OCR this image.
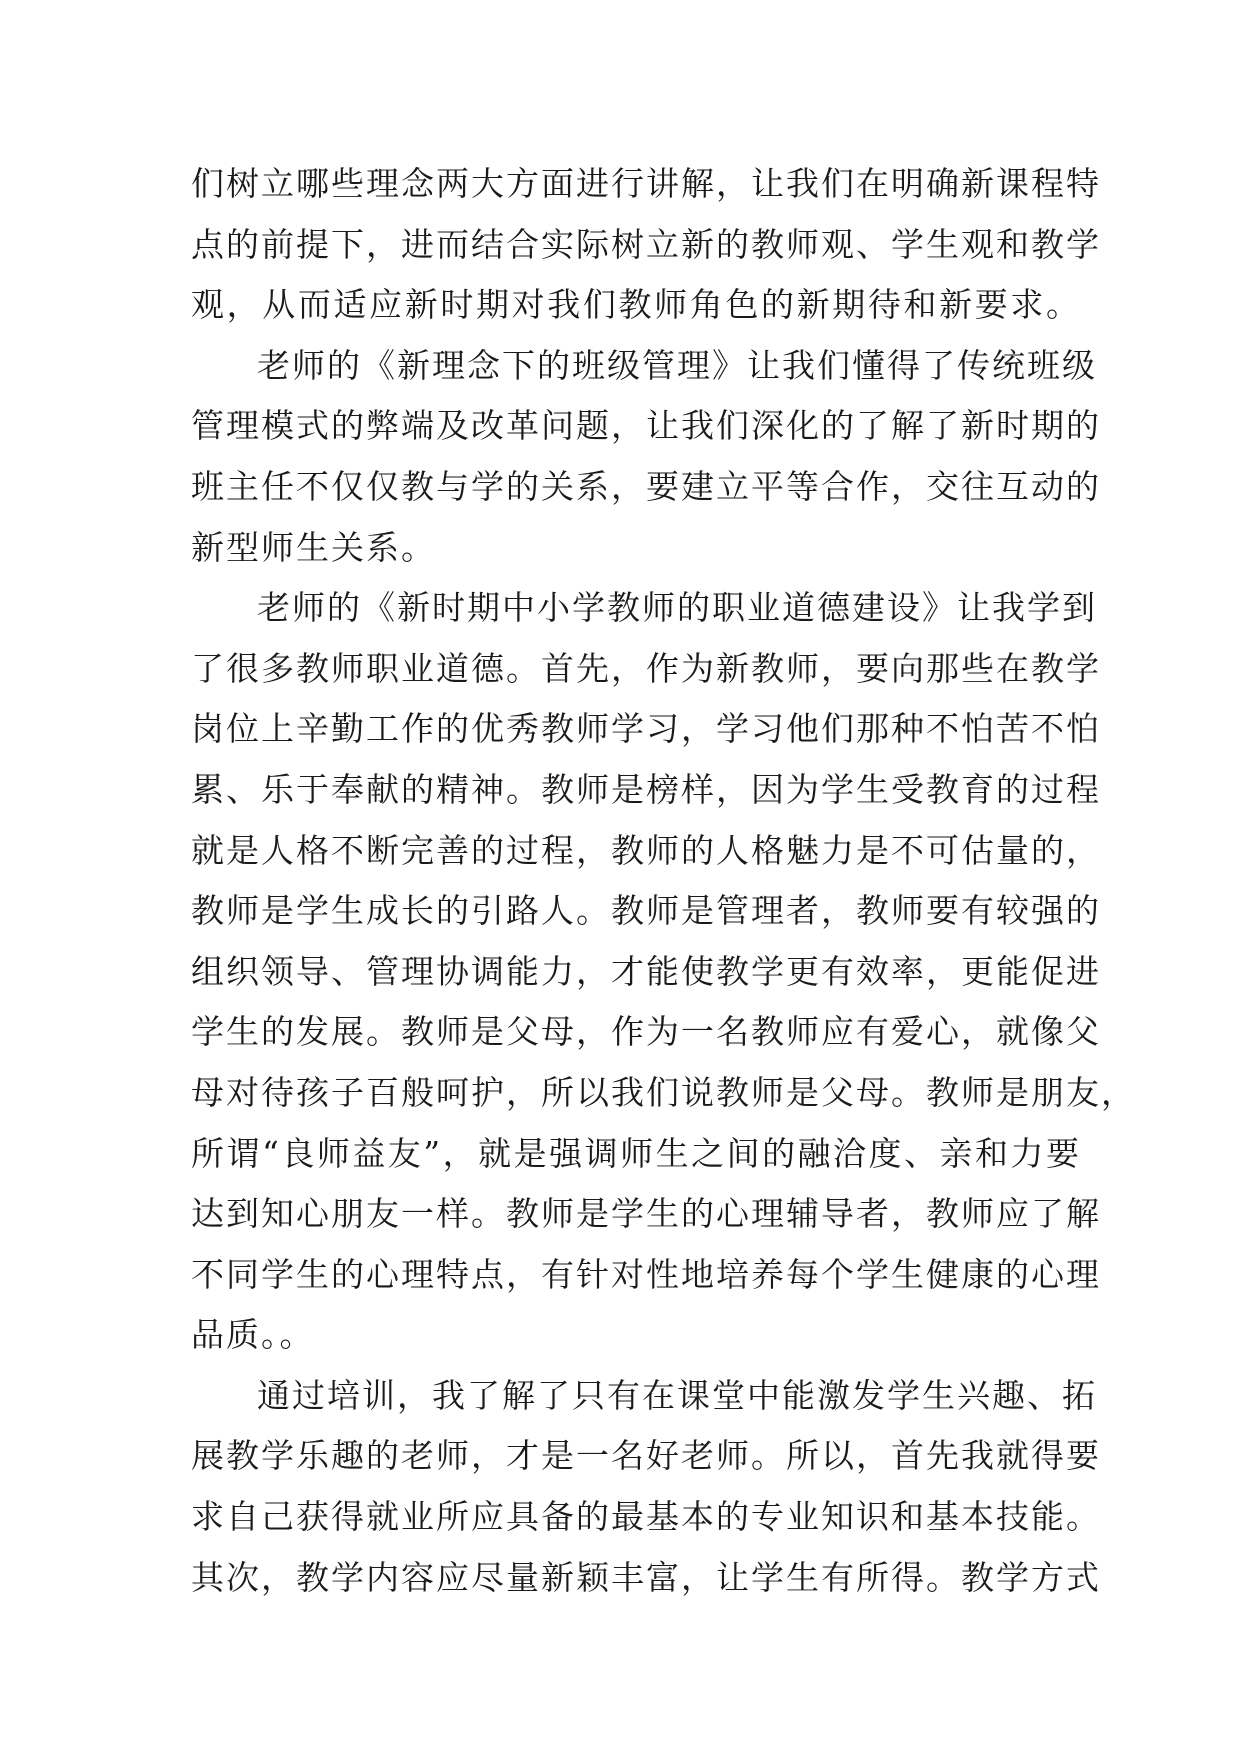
们树立哪些理念两大方面进行讲解，让我们在明确新课程特
点的前提下，进而结合实际树立新的教师观、学生观和教学
观，从而适应新时期对我们教师角色的新期待和新要求。
老师的《新理念下的班级管理》让我们懂得了传统班级
管理模式的弊端及改革问题，让我们深化的了解了新时期的
班主任不仅仅教与学的关系，要建立平等合作，交往互动的
新型师生关系。
老师的《新时期中小学教师的职业道德建设》让我学到
了很多教师职业道德。首先，作为新教师，要向那些在教学
岗位上辛勤工作的优秀教师学习，学习他们那种不怕苦不怕
累、乐于奉献的精神。教师是榜样，因为学生受教育的过程
就是人格不断完善的过程，教师的人格魅力是不可估量的，
教师是学生成长的引路人。教师是管理者，教师要有较强的
组织领导、管理协调能力，才能使教学更有效率，更能促进
学生的发展。教师是父母，作为一名教师应有爱心，就像父
母对待孩子百般呵护，所以我们说教师是父母。教师是朋友，
所谓“良师益友”，就是强调师生之间的融洽度、亲和力要
达到知心朋友一样。教师是学生的心理辅导者，教师应了解
不同学生的心理特点，有针对性地培养每个学生健康的心理
品质。。
通过培训，我了解了只有在课堂中能激发学生兴趣、拓
展教学乐趣的老师，才是一名好老师。所以，首先我就得要
求自己获得就业所应具备的最基本的专业知识和基本技能。
其次，教学内容应尽量新颖丰富，让学生有所得。教学方式
